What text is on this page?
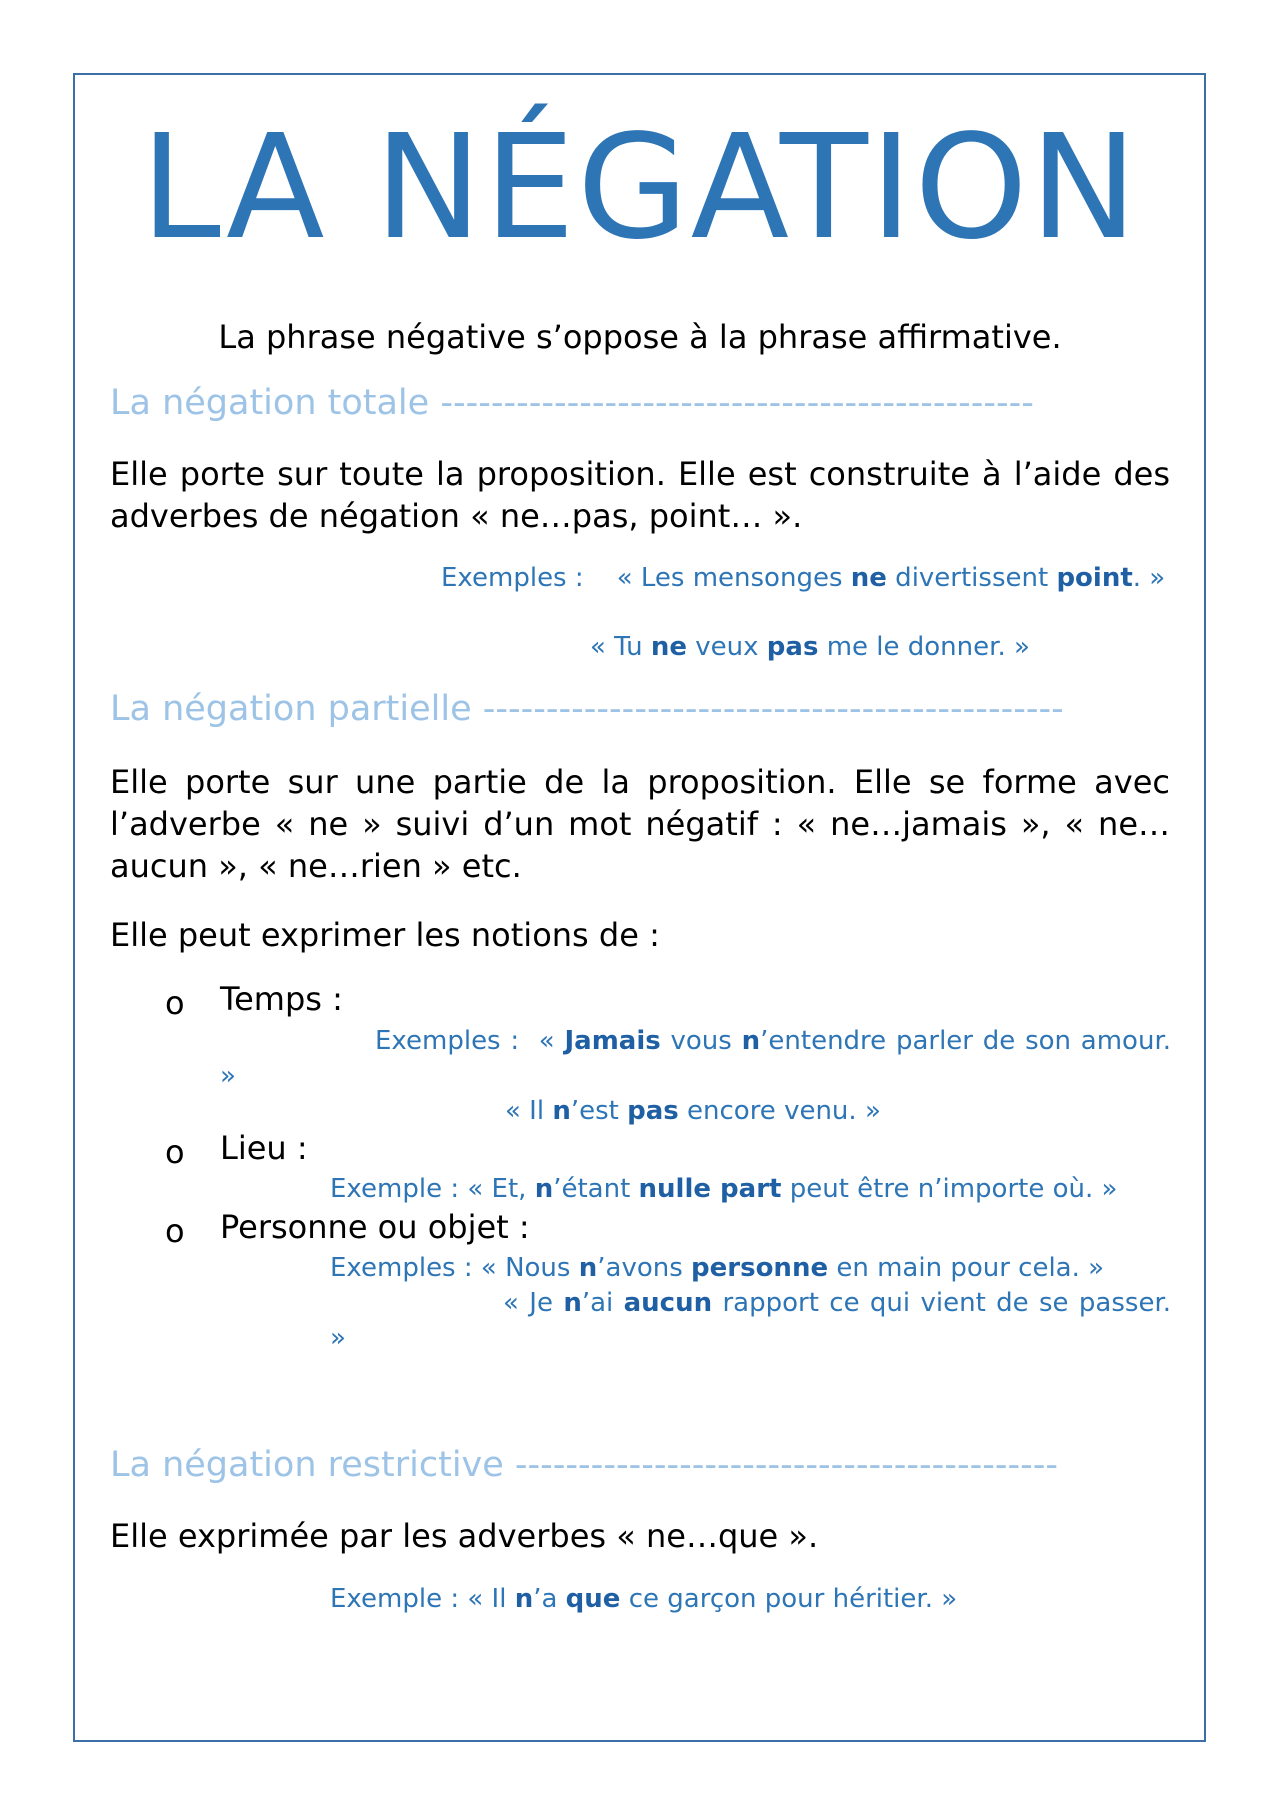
LA NÉGATION
La phrase négative s’oppose à la phrase affirmative.
La négation totale -----------------------------------------------
Elle porte sur toute la proposition. Elle est construite à l’aide des adverbes de négation « ne…pas, point… ».
Exemples : « Les mensonges ne divertissent point. »
« Tu ne veux pas me le donner. »
La négation partielle ----------------------------------------------
Elle porte sur une partie de la proposition. Elle se forme avec l’adverbe « ne » suivi d’un mot négatif : « ne…jamais », « ne…aucun », « ne…rien » etc.
Elle peut exprimer les notions de :
o Temps :
Exemples : « Jamais vous n’entendre parler de son amour. »
« Il n’est pas encore venu. »
o Lieu :
Exemple : « Et, n’étant nulle part peut être n’importe où. »
o Personne ou objet :
Exemples : « Nous n’avons personne en main pour cela. »
« Je n’ai aucun rapport ce qui vient de se passer. »
La négation restrictive -------------------------------------------
Elle exprimée par les adverbes « ne…que ».
Exemple : « Il n’a que ce garçon pour héritier. »
